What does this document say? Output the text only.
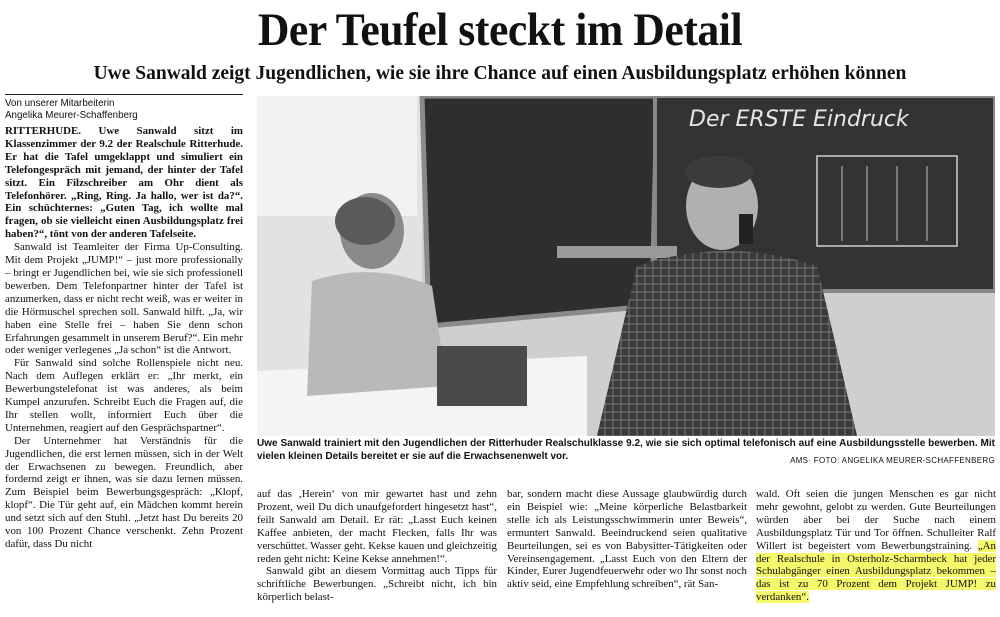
Der Teufel steckt im Detail
Uwe Sanwald zeigt Jugendlichen, wie sie ihre Chance auf einen Ausbildungsplatz erhöhen können
Von unserer Mitarbeiterin
Angelika Meurer-Schaffenberg

RITTERHUDE. Uwe Sanwald sitzt im Klassenzimmer der 9.2 der Realschule Ritterhude. Er hat die Tafel umgeklappt und simuliert ein Telefongespräch mit jemand, der hinter der Tafel sitzt. Ein Filzschreiber am Ohr dient als Telefonhörer. „Ring, Ring. Ja hallo, wer ist da?“. Ein schüchternes: „Guten Tag, ich wollte mal fragen, ob sie vielleicht einen Ausbildungsplatz frei haben?“, tönt von der anderen Tafelseite.

Sanwald ist Teamleiter der Firma Up-Consulting. Mit dem Projekt „JUMP!“ – just more professionally – bringt er Jugendlichen bei, wie sie sich professionell bewerben. Dem Telefonpartner hinter der Tafel ist anzumerken, dass er nicht recht weiß, was er weiter in die Hörmuschel sprechen soll. Sanwald hilft. „Ja, wir haben eine Stelle frei – haben Sie denn schon Erfahrungen gesammelt in unserem Beruf?“. Ein mehr oder weniger verlegenes „Ja schon“ ist die Antwort.

Für Sanwald sind solche Rollenspiele nicht neu. Nach dem Auflegen erklärt er: „Ihr merkt, ein Bewerbungstelefonat ist was anderes, als beim Kumpel anzurufen. Schreibt Euch die Fragen auf, die Ihr stellen wollt, informiert Euch über die Unternehmen, reagiert auf den Gesprächspartner“.

Der Unternehmer hat Verständnis für die Jugendlichen, die erst lernen müssen, sich in der Welt der Erwachsenen zu bewegen. Freundlich, aber fordernd zeigt er ihnen, was sie dazu lernen müssen. Zum Beispiel beim Bewerbungsgespräch: „Klopf, klopf“. Die Tür geht auf, ein Mädchen kommt herein und setzt sich auf den Stuhl. „Jetzt hast Du bereits 20 von 100 Prozent Chance verschenkt. Zehn Prozent dafür, dass Du nicht

Der ERSTE Eindruck
Uwe Sanwald trainiert mit den Jugendlichen der Ritterhuder Realschulklasse 9.2, wie sie sich optimal telefonisch auf eine Ausbildungsstelle bewerben. Mit vielen kleinen Details bereitet er sie auf die Erwachsenenwelt vor.	AMS· FOTO: ANGELIKA MEURER-SCHAFFENBERG

auf das ‚Herein‘ von mir gewartet hast und zehn Prozent, weil Du dich unaufgefordert hingesetzt hast“, feilt Sanwald am Detail. Er rät: „Lasst Euch keinen Kaffee anbieten, der macht Flecken, falls Ihr was verschüttet. Wasser geht. Kekse kauen und gleichzeitig reden geht nicht: Keine Kekse annehmen!“.

Sanwald gibt an diesem Vormittag auch Tipps für schriftliche Bewerbungen. „Schreibt nicht, ich bin körperlich belast-

bar, sondern macht diese Aussage glaubwürdig durch ein Beispiel wie: „Meine körperliche Belastbarkeit stelle ich als Leistungsschwimmerin unter Beweis“, ermuntert Sanwald. Beeindruckend seien qualitative Beurteilungen, sei es von Babysitter-Tätigkeiten oder Vereinsengagement. „Lasst Euch von den Eltern der Kinder, Eurer Jugendfeuerwehr oder wo Ihr sonst noch aktiv seid, eine Empfehlung schreiben“, rät San-

wald. Oft seien die jungen Menschen es gar nicht mehr gewohnt, gelobt zu werden. Gute Beurteilungen würden aber bei der Suche nach einem Ausbildungsplatz Tür und Tor öffnen. Schulleiter Ralf Willert ist begeistert vom Bewerbungstraining. „An der Realschule in Osterholz-Scharmbeck hat jeder Schulabgänger einen Ausbildungsplatz bekommen – das ist zu 70 Prozent dem Projekt JUMP! zu verdanken“.
